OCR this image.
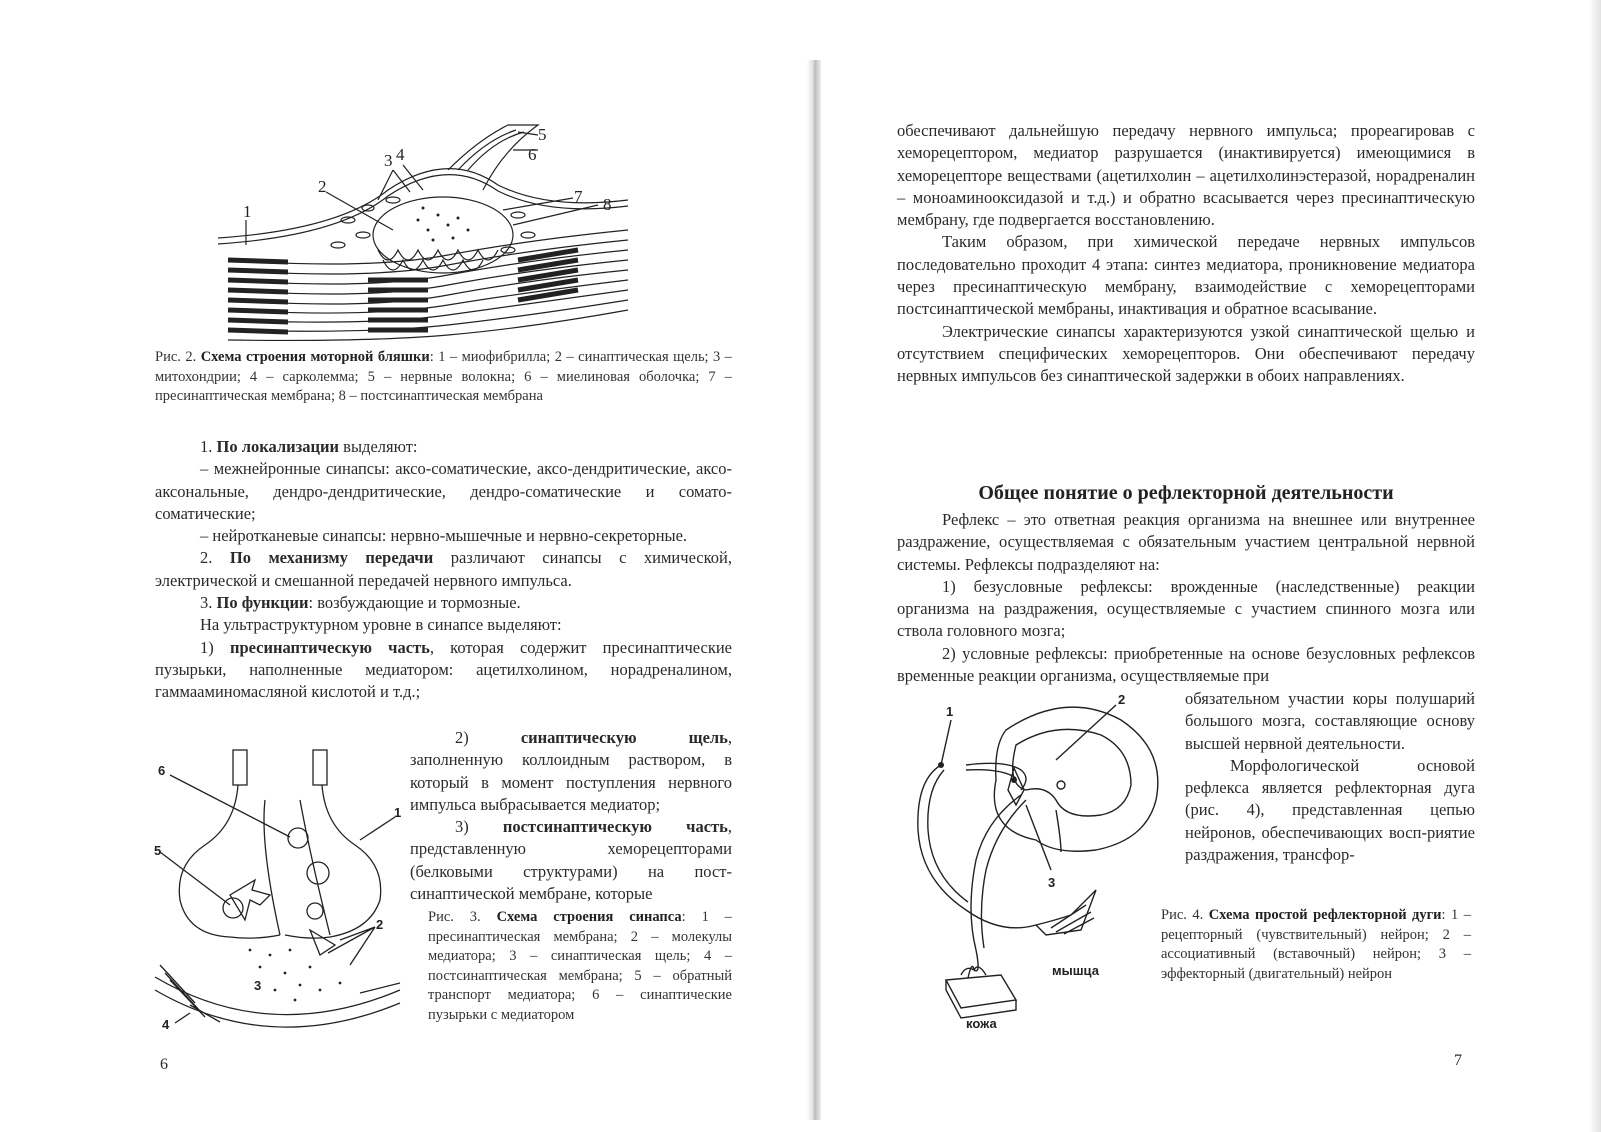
1
2
3 4
5
6
7 8
Рис. 2. Схема строения моторной бляшки: 1 – миофибрилла; 2 – синаптическая щель; 3 – митохондрии; 4 – сарколемма; 5 – нервные волокна; 6 – миелиновая оболочка; 7 – пресинаптическая мембрана; 8 – постсинаптическая мембрана

1. По локализации выделяют:

– межнейронные синапсы: аксо-соматические, аксо-дендритические, аксо-аксональные, дендро-дендритические, дендро-соматические и сомато-соматические;

– нейротканевые синапсы: нервно-мышечные и нервно-секреторные.

2. По механизму передачи различают синапсы с химической, электрической и смешанной передачей нервного импульса.

3. По функции: возбуждающие и тормозные.

На ультраструктурном уровне в синапсе выделяют:

1) пресинаптическую часть, которая содержит пресинаптические пузырьки, наполненные медиатором: ацетилхолином, норадреналином, гаммааминомасляной кислотой и т.д.;

6
1
5
2
3
4

2) синаптическую щель, заполненную коллоидным раствором, в который в момент поступления нервного импульса выбрасывается медиатор;

3) постсинаптическую часть, представленную хеморецепторами (белковыми структурами) на пост-синаптической мембране, которые

Рис. 3. Схема строения синапса: 1 – пресинаптическая мембрана; 2 – молекулы медиатора; 3 – синаптическая щель; 4 – постсинаптическая мембрана; 5 – обратный транспорт медиатора; 6 – синаптические пузырьки с медиатором
6

обеспечивают дальнейшую передачу нервного импульса; прореагировав с хеморецептором, медиатор разрушается (инактивируется) имеющимися в хеморецепторе веществами (ацетилхолин – ацетилхолинэстеразой, норадреналин – моноаминооксидазой и т.д.) и обратно всасывается через пресинаптическую мембрану, где подвергается восстановлению.

Таким образом, при химической передаче нервных импульсов последовательно проходит 4 этапа: синтез медиатора, проникновение медиатора через пресинаптическую мембрану, взаимодействие с хеморецепторами постсинаптической мембраны, инактивация и обратное всасывание.

Электрические синапсы характеризуются узкой синаптической щелью и отсутствием специфических хеморецепторов. Они обеспечивают передачу нервных импульсов без синаптической задержки в обоих направлениях.

Общее понятие о рефлекторной деятельности

Рефлекс – это ответная реакция организма на внешнее или внутреннее раздражение, осуществляемая с обязательным участием центральной нервной системы. Рефлексы подразделяют на:

1) безусловные рефлексы: врожденные (наследственные) реакции организма на раздражения, осуществляемые с участием спинного мозга или ствола головного мозга;

2) условные рефлексы: приобретенные на основе безусловных рефлексов временные реакции организма, осуществляемые при

1
2
3
мышца
кожа

обязательном участии коры полушарий большого мозга, составляющие основу высшей нервной деятельности.

Морфологической основой рефлекса является рефлекторная дуга (рис. 4), представленная цепью нейронов, обеспечивающих восп-риятие раздражения, трансфор-

Рис. 4. Схема простой рефлекторной дуги: 1 – рецепторный (чувствительный) нейрон; 2 – ассоциативный (вставочный) нейрон; 3 – эффекторный (двигательный) нейрон
7
